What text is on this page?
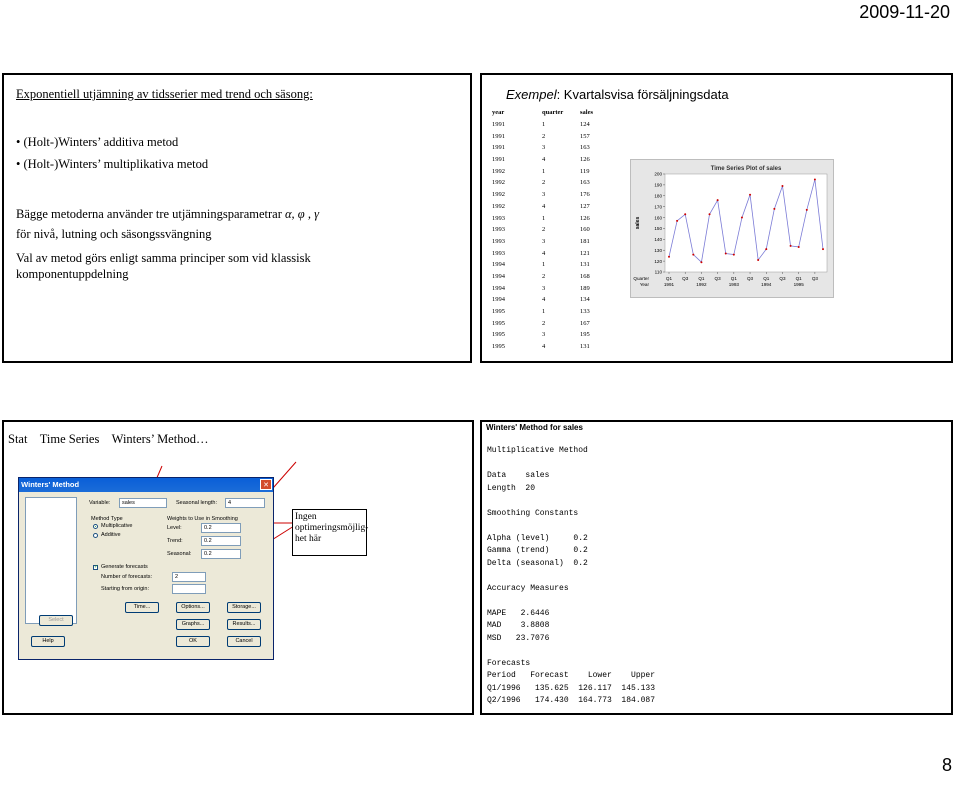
2009-11-20
Exponentiell utjämning av tidsserier med trend och säsong:
• (Holt-)Winters’ additiva metod
• (Holt-)Winters’ multiplikativa metod
Bägge metoderna använder tre utjämningsparametrar α, φ , γ
för nivå, lutning och säsongssvängning
Val av metod görs enligt samma principer som vid klassisk
komponentuppdelning
Exempel: Kvartalsvisa försäljningsdata
year	quarter	sales
1991	1	124
1991	2	157
1991	3	163
1991	4	126
1992	1	119
1992	2	163
1992	3	176
1992	4	127
1993	1	126
1993	2	160
1993	3	181
1993	4	121
1994	1	131
1994	2	168
1994	3	189
1994	4	134
1995	1	133
1995	2	167
1995	3	195
1995	4	131
Time Series Plot of sales
sales
110
120
130
140
150
160
170
180
190
200
Quarter
Year
Q1 Q3 Q1 Q3 Q1 Q3 Q1 Q3 Q1 Q3
1991	1992	1993	1994	1995
Stat Time Series Winters’ Method…
Winters' Method	✕
Variable:	sales	Seasonal length:	4
Method Type
Multiplicative
Additive
Weights to Use in Smoothing
Level:	0.2
Trend:	0.2
Seasonal:	0.2
✓ Generate forecasts
Number of forecasts:	2
Starting from origin:
Select
Time...	Options...	Storage...
Graphs...	Results...
Help	OK	Cancel
Ingen
optimeringsmöjlig-
het här
Winters' Method for sales
Multiplicative Method
Data    sales
Length  20
Smoothing Constants
Alpha (level)     0.2
Gamma (trend)     0.2
Delta (seasonal)  0.2
Accuracy Measures
MAPE   2.6446
MAD    3.8808
MSD   23.7076
Forecasts
Period   Forecast    Lower    Upper
Q1/1996   135.625  126.117  145.133
Q2/1996   174.430  164.773  184.087
8
